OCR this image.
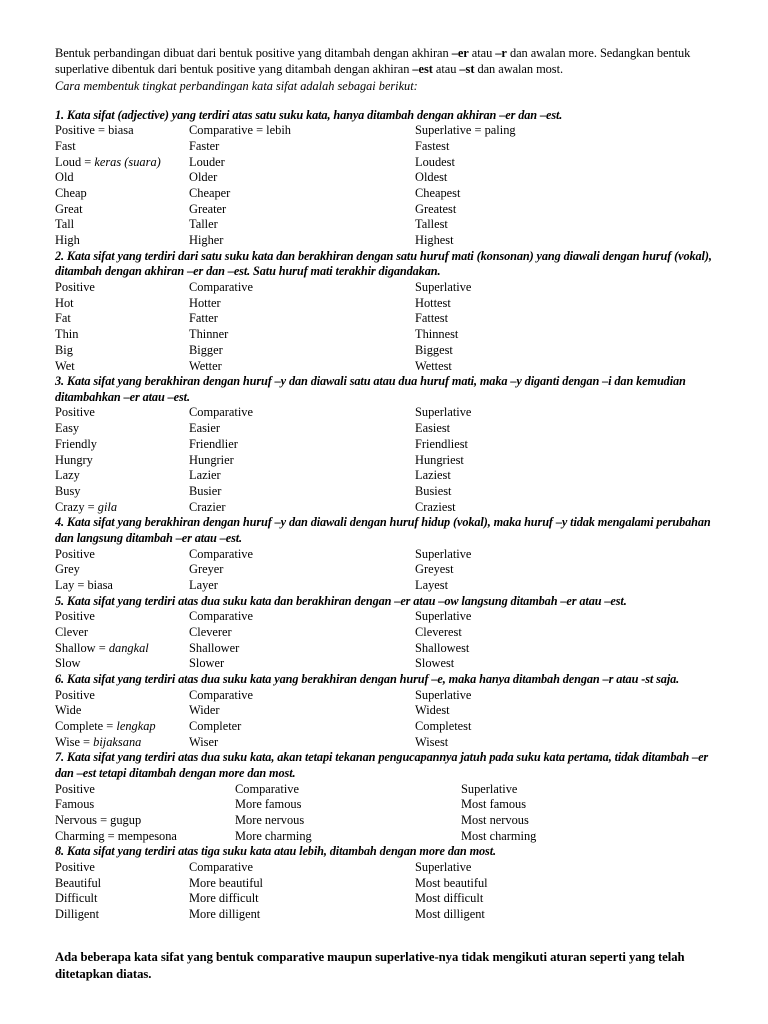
Bentuk perbandingan dibuat dari bentuk positive yang ditambah dengan akhiran –er atau –r dan awalan more. Sedangkan bentuk superlative dibentuk dari bentuk positive yang ditambah dengan akhiran –est atau –st dan awalan most.

Cara membentuk tingkat perbandingan kata sifat adalah sebagai berikut:

1. Kata sifat (adjective) yang terdiri atas satu suku kata, hanya ditambah dengan akhiran –er dan –est.

Positive = biasa	Comparative = lebih	Superlative = paling
Fast	Faster	Fastest
Loud = keras (suara)	Louder	Loudest
Old	Older	Oldest
Cheap	Cheaper	Cheapest
Great	Greater	Greatest
Tall	Taller	Tallest
High	Higher	Highest

2. Kata sifat yang terdiri dari satu suku kata dan berakhiran dengan satu huruf mati (konsonan) yang diawali dengan huruf (vokal), ditambah dengan akhiran –er dan –est. Satu huruf mati terakhir digandakan.

Positive	Comparative	Superlative
Hot	Hotter	Hottest
Fat	Fatter	Fattest
Thin	Thinner	Thinnest
Big	Bigger	Biggest
Wet	Wetter	Wettest

3. Kata sifat yang berakhiran dengan huruf –y dan diawali satu atau dua huruf mati, maka –y diganti dengan –i dan kemudian ditambahkan –er atau –est.

Positive	Comparative	Superlative
Easy	Easier	Easiest
Friendly	Friendlier	Friendliest
Hungry	Hungrier	Hungriest
Lazy	Lazier	Laziest
Busy	Busier	Busiest
Crazy = gila	Crazier	Craziest

4. Kata sifat yang berakhiran dengan huruf –y dan diawali dengan huruf hidup (vokal), maka huruf –y tidak mengalami perubahan dan langsung ditambah –er atau –est.

Positive	Comparative	Superlative
Grey	Greyer	Greyest
Lay = biasa	Layer	Layest

5. Kata sifat yang terdiri atas dua suku kata dan berakhiran dengan –er atau –ow langsung ditambah –er atau –est.

Positive	Comparative	Superlative
Clever	Cleverer	Cleverest
Shallow = dangkal	Shallower	Shallowest
Slow	Slower	Slowest

6. Kata sifat yang terdiri atas dua suku kata yang berakhiran dengan huruf –e, maka hanya ditambah dengan –r atau -st saja.

Positive	Comparative	Superlative
Wide	Wider	Widest
Complete = lengkap	Completer	Completest
Wise = bijaksana	Wiser	Wisest

7. Kata sifat yang terdiri atas dua suku kata, akan tetapi tekanan pengucapannya jatuh pada suku kata pertama, tidak ditambah –er dan –est tetapi ditambah dengan more dan most.

Positive	Comparative	Superlative
Famous	More famous	Most famous
Nervous = gugup	More nervous	Most nervous
Charming = mempesona	More charming	Most charming

8. Kata sifat yang terdiri atas tiga suku kata atau lebih, ditambah dengan more dan most.

Positive	Comparative	Superlative
Beautiful	More beautiful	Most beautiful
Difficult	More difficult	Most difficult
Dilligent	More dilligent	Most dilligent

Ada beberapa kata sifat yang bentuk comparative maupun superlative-nya tidak mengikuti aturan seperti yang telah ditetapkan diatas.
